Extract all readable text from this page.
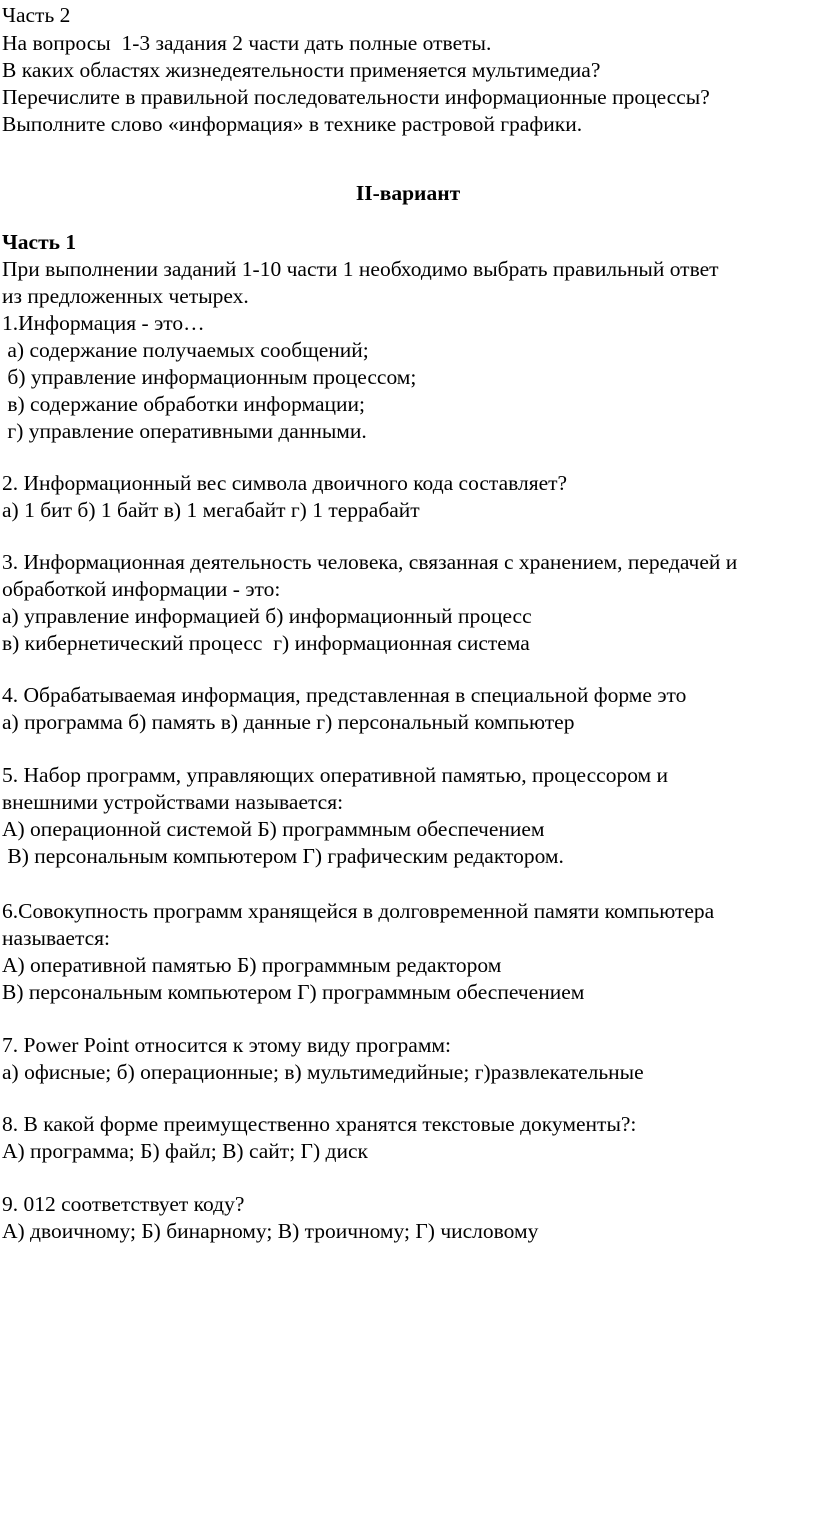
Часть 2

На вопросы  1-3 задания 2 части дать полные ответы.

В каких областях жизнедеятельности применяется мультимедиа?

Перечислите в правильной последовательности информационные процессы?

Выполните слово «информация» в технике растровой графики.

II-вариант

Часть 1

При выполнении заданий 1-10 части 1 необходимо выбрать правильный ответ

из предложенных четырех.

1.Информация - это…

а) содержание получаемых сообщений;

б) управление информационным процессом;

в) содержание обработки информации;

г) управление оперативными данными.

2. Информационный вес символа двоичного кода составляет?

а) 1 бит б) 1 байт в) 1 мегабайт г) 1 террабайт

3. Информационная деятельность человека, связанная с хранением, передачей и

обработкой информации - это:

а) управление информацией б) информационный процесс

в) кибернетический процесс  г) информационная система

4. Обрабатываемая информация, представленная в специальной форме это

а) программа б) память в) данные г) персональный компьютер

5. Набор программ, управляющих оперативной памятью, процессором и

внешними устройствами называется:

А) операционной системой Б) программным обеспечением

В) персональным компьютером Г) графическим редактором.

6.Совокупность программ хранящейся в долговременной памяти компьютера

называется:

А) оперативной памятью Б) программным редактором

В) персональным компьютером Г) программным обеспечением

7. Power Point относится к этому виду программ:

а) офисные; б) операционные; в) мультимедийные; г)развлекательные

8. В какой форме преимущественно хранятся текстовые документы?:

А) программа; Б) файл; В) сайт; Г) диск

9. 012 соответствует коду?

А) двоичному; Б) бинарному; В) троичному; Г) числовому
